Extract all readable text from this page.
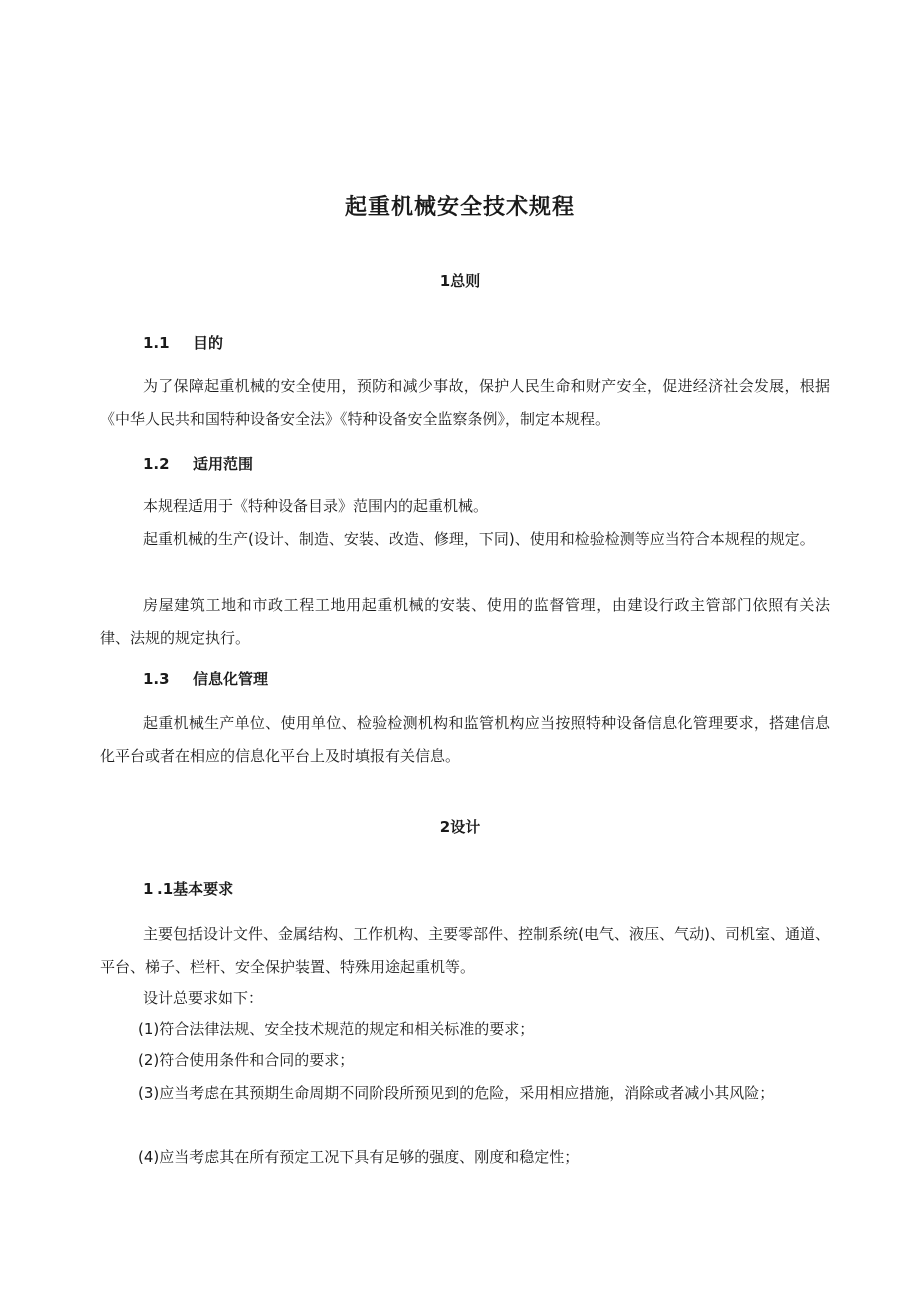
起重机械安全技术规程
1总则
1.1 目的

为了保障起重机械的安全使用，预防和减少事故，保护人民生命和财产安全，促进经济社会发展，根据《中华人民共和国特种设备安全法》《特种设备安全监察条例》，制定本规程。

1.2 适用范围

本规程适用于《特种设备目录》范围内的起重机械。

起重机械的生产(设计、制造、安装、改造、修理，下同)、使用和检验检测等应当符合本规程的规定。

房屋建筑工地和市政工程工地用起重机械的安装、使用的监督管理，由建设行政主管部门依照有关法律、法规的规定执行。

1.3 信息化管理

起重机械生产单位、使用单位、检验检测机构和监管机构应当按照特种设备信息化管理要求，搭建信息化平台或者在相应的信息化平台上及时填报有关信息。

2设计
1 .1基本要求

主要包括设计文件、金属结构、工作机构、主要零部件、控制系统(电气、液压、气动)、司机室、通道、平台、梯子、栏杆、安全保护装置、特殊用途起重机等。

设计总要求如下：

(1)符合法律法规、安全技术规范的规定和相关标准的要求；

(2)符合使用条件和合同的要求；

(3)应当考虑在其预期生命周期不同阶段所预见到的危险，采用相应措施，消除或者减小其风险；

(4)应当考虑其在所有预定工况下具有足够的强度、刚度和稳定性；
